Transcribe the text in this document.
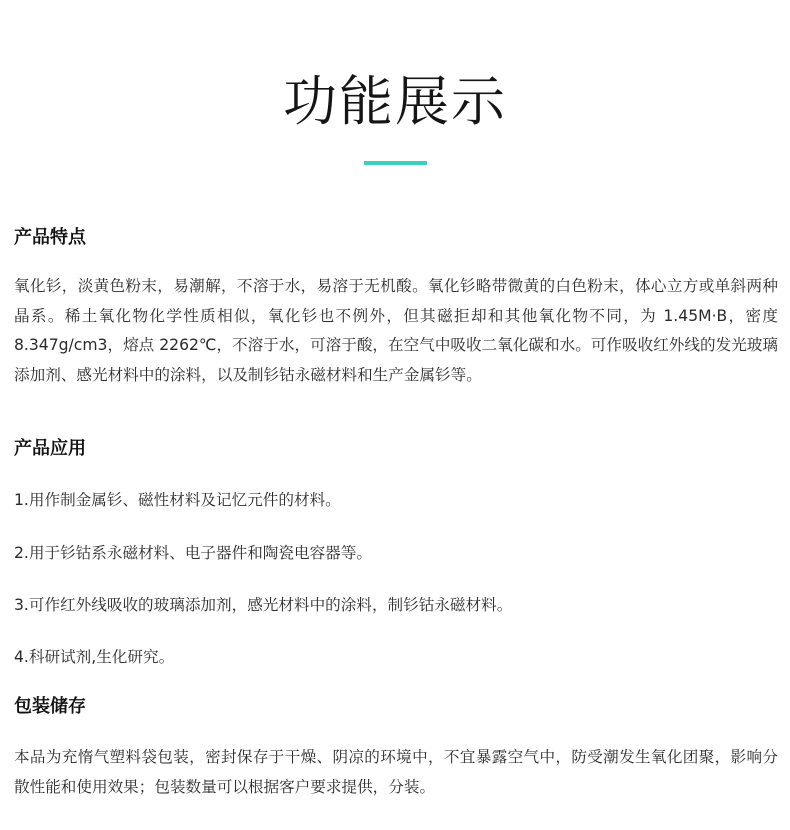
功能展示
产品特点

氧化钐，淡黄色粉末，易潮解，不溶于水，易溶于无机酸。氧化钐略带微黄的白色粉末，体心立方或单斜两种晶系。稀土氧化物化学性质相似，氧化钐也不例外，但其磁拒却和其他氧化物不同，为 1.45M·B，密度 8.347g/cm3，熔点 2262℃，不溶于水，可溶于酸，在空气中吸收二氧化碳和水。可作吸收红外线的发光玻璃添加剂、感光材料中的涂料，以及制钐钴永磁材料和生产金属钐等。

产品应用

1.用作制金属钐、磁性材料及记忆元件的材料。

2.用于钐钴系永磁材料、电子器件和陶瓷电容器等。

3.可作红外线吸收的玻璃添加剂，感光材料中的涂料，制钐钴永磁材料。

4.科研试剂,生化研究。

包装储存

本品为充惰气塑料袋包装，密封保存于干燥、阴凉的环境中，不宜暴露空气中，防受潮发生氧化团聚，影响分散性能和使用效果；包装数量可以根据客户要求提供，分装。
